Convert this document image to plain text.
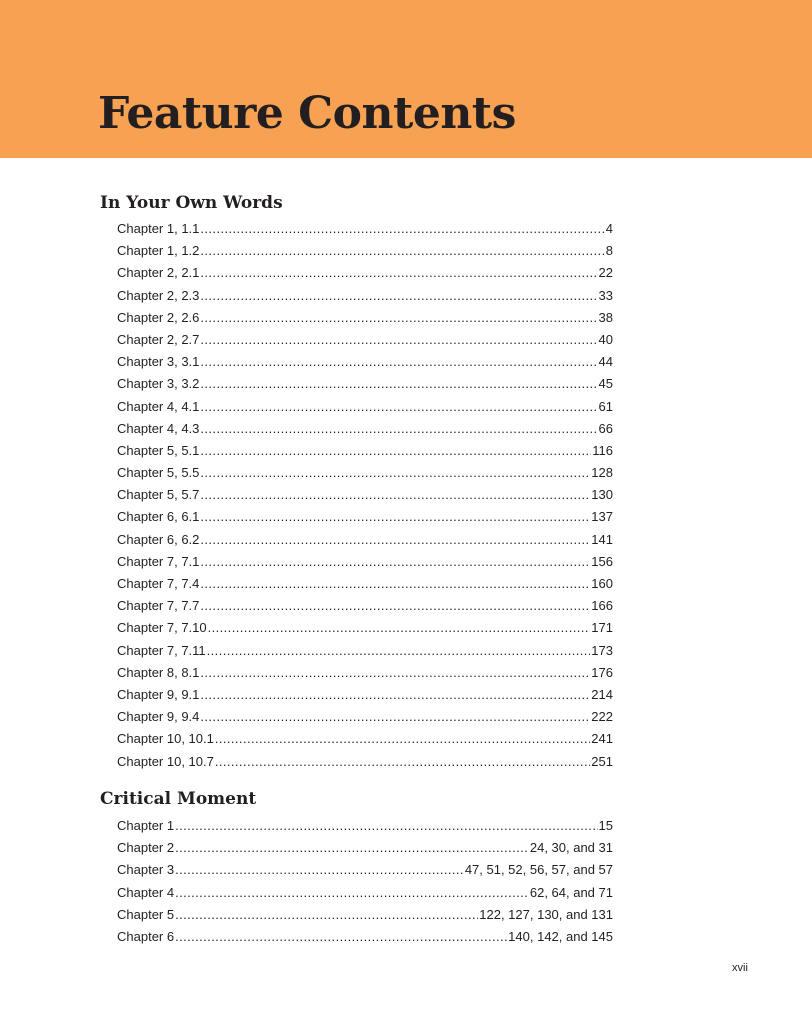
Feature Contents
In Your Own Words
Chapter 1, 1.1 .....	4
Chapter 1, 1.2 .....	8
Chapter 2, 2.1 .....	22
Chapter 2, 2.3 .....	33
Chapter 2, 2.6 .....	38
Chapter 2, 2.7 .....	40
Chapter 3, 3.1 .....	44
Chapter 3, 3.2 .....	45
Chapter 4, 4.1 .....	61
Chapter 4, 4.3 .....	66
Chapter 5, 5.1 .....	116
Chapter 5, 5.5 .....	128
Chapter 5, 5.7 .....	130
Chapter 6, 6.1 .....	137
Chapter 6, 6.2 .....	141
Chapter 7, 7.1 .....	156
Chapter 7, 7.4 .....	160
Chapter 7, 7.7 .....	166
Chapter 7, 7.10 .....	171
Chapter 7, 7.11 .....	173
Chapter 8, 8.1 .....	176
Chapter 9, 9.1 .....	214
Chapter 9, 9.4 .....	222
Chapter 10, 10.1 .....	241
Chapter 10, 10.7 .....	251
Critical Moment
Chapter 1 .....	15
Chapter 2 .....	24, 30, and 31
Chapter 3 .....	47, 51, 52, 56, 57, and 57
Chapter 4 .....	62, 64, and 71
Chapter 5 .....	122, 127, 130, and 131
Chapter 6 .....	140, 142, and 145
xvii
